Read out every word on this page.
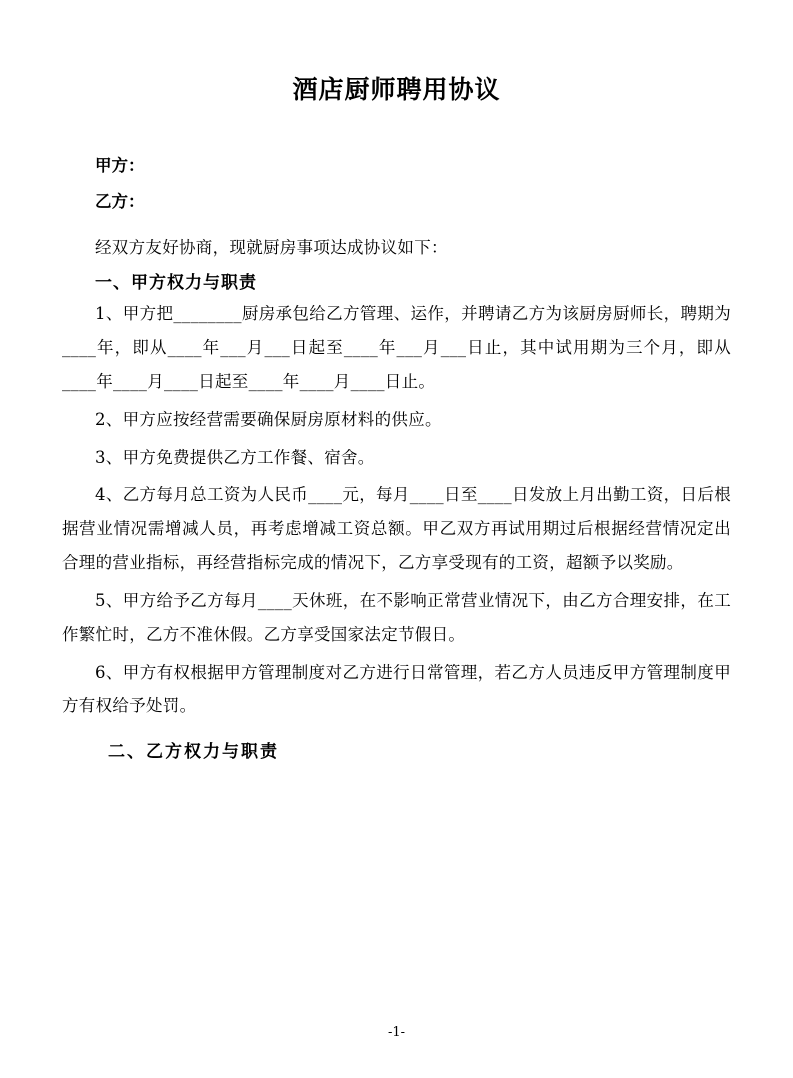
酒店厨师聘用协议
甲方：
乙方：

经双方友好协商，现就厨房事项达成协议如下：

一、甲方权力与职责

1、甲方把________厨房承包给乙方管理、运作，并聘请乙方为该厨房厨师长，聘期为____年，即从____年___月___日起至____年___月___日止，其中试用期为三个月，即从____年____月____日起至____年____月____日止。

2、甲方应按经营需要确保厨房原材料的供应。

3、甲方免费提供乙方工作餐、宿舍。

4、乙方每月总工资为人民币____元，每月____日至____日发放上月出勤工资，日后根据营业情况需增减人员，再考虑增减工资总额。甲乙双方再试用期过后根据经营情况定出合理的营业指标，再经营指标完成的情况下，乙方享受现有的工资，超额予以奖励。

5、甲方给予乙方每月____天休班，在不影响正常营业情况下，由乙方合理安排，在工作繁忙时，乙方不准休假。乙方享受国家法定节假日。

6、甲方有权根据甲方管理制度对乙方进行日常管理，若乙方人员违反甲方管理制度甲方有权给予处罚。

二、乙方权力与职责
-1-
